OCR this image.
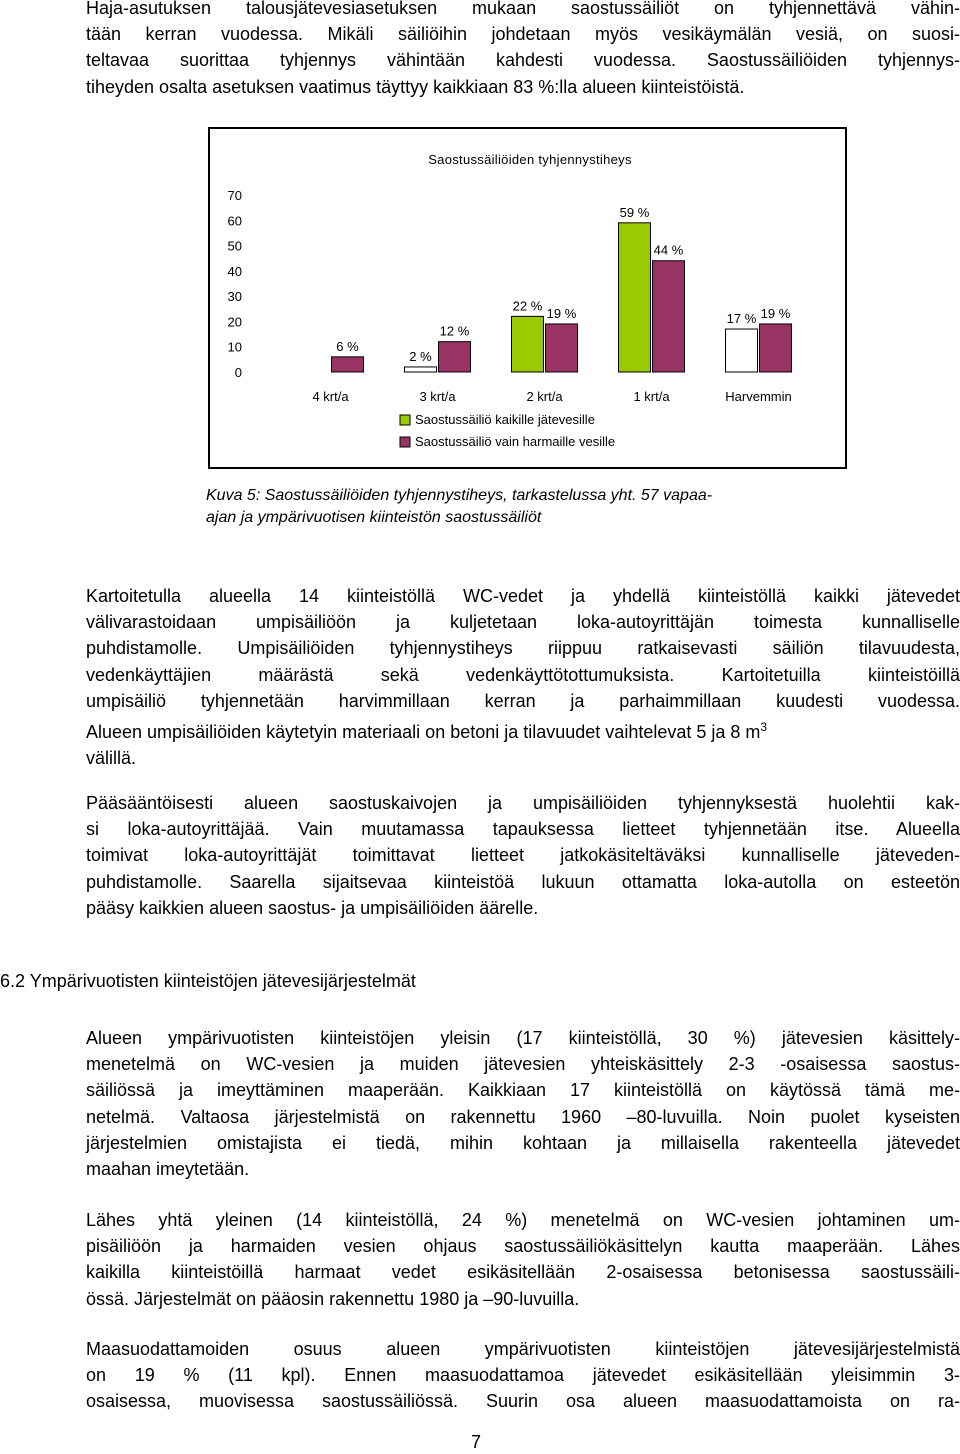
Haja-asutuksen talousjätevesiasetuksen mukaan saostussäiliöt on tyhjennettävä vähin-
tään kerran vuodessa. Mikäli säiliöihin johdetaan myös vesikäymälän vesiä, on suosi-
teltavaa suorittaa tyhjennys vähintään kahdesti vuodessa. Saostussäiliöiden tyhjennys-
tiheyden osalta asetuksen vaatimus täyttyy kaikkiaan 83 %:lla alueen kiinteistöistä.
Saostussäiliöiden tyhjennystiheys
0
10
20
30
40
50
60
70
4 krt/a	3 krt/a	2 krt/a	1 krt/a	Harvemmin
2 %
22 %
59 %
17 %
6 %
12 %
19 %
44 %
19 %
Saostussäiliö kaikille jätevesille
Saostussäiliö vain harmaille vesille
Kuva 5: Saostussäiliöiden tyhjennystiheys, tarkastelussa yht. 57 vapaa-
ajan ja ympärivuotisen kiinteistön saostussäiliöt
Kartoitetulla alueella 14 kiinteistöllä WC-vedet ja yhdellä kiinteistöllä kaikki jätevedet
välivarastoidaan umpisäiliöön ja kuljetetaan loka-autoyrittäjän toimesta kunnalliselle
puhdistamolle. Umpisäiliöiden tyhjennystiheys riippuu ratkaisevasti säiliön tilavuudesta,
vedenkäyttäjien määrästä sekä vedenkäyttötottumuksista. Kartoitetuilla kiinteistöillä
umpisäiliö tyhjennetään harvimmillaan kerran ja parhaimmillaan kuudesti vuodessa.
Alueen umpisäiliöiden käytetyin materiaali on betoni ja tilavuudet vaihtelevat 5 ja 8 $m^3$
välillä.
Pääsääntöisesti alueen saostuskaivojen ja umpisäiliöiden tyhjennyksestä huolehtii kak-
si loka-autoyrittäjää. Vain muutamassa tapauksessa lietteet tyhjennetään itse. Alueella
toimivat loka-autoyrittäjät toimittavat lietteet jatkokäsiteltäväksi kunnalliselle jäteveden-
puhdistamolle. Saarella sijaitsevaa kiinteistöä lukuun ottamatta loka-autolla on esteetön
pääsy kaikkien alueen saostus- ja umpisäiliöiden äärelle.
6.2 Ympärivuotisten kiinteistöjen jätevesijärjestelmät
Alueen ympärivuotisten kiinteistöjen yleisin (17 kiinteistöllä, 30 %) jätevesien käsittely-
menetelmä on WC-vesien ja muiden jätevesien yhteiskäsittely 2-3 -osaisessa saostus-
säiliössä ja imeyttäminen maaperään. Kaikkiaan 17 kiinteistöllä on käytössä tämä me-
netelmä. Valtaosa järjestelmistä on rakennettu 1960 –80-luvuilla. Noin puolet kyseisten
järjestelmien omistajista ei tiedä, mihin kohtaan ja millaisella rakenteella jätevedet
maahan imeytetään.
Lähes yhtä yleinen (14 kiinteistöllä, 24 %) menetelmä on WC-vesien johtaminen um-
pisäiliöön ja harmaiden vesien ohjaus saostussäiliökäsittelyn kautta maaperään. Lähes
kaikilla kiinteistöillä harmaat vedet esikäsitellään 2-osaisessa betonisessa saostussäili-
össä. Järjestelmät on pääosin rakennettu 1980 ja –90-luvuilla.
Maasuodattamoiden osuus alueen ympärivuotisten kiinteistöjen jätevesijärjestelmistä
on 19 % (11 kpl). Ennen maasuodattamoa jätevedet esikäsitellään yleisimmin 3-
osaisessa, muovisessa saostussäiliössä. Suurin osa alueen maasuodattamoista on ra-
7
